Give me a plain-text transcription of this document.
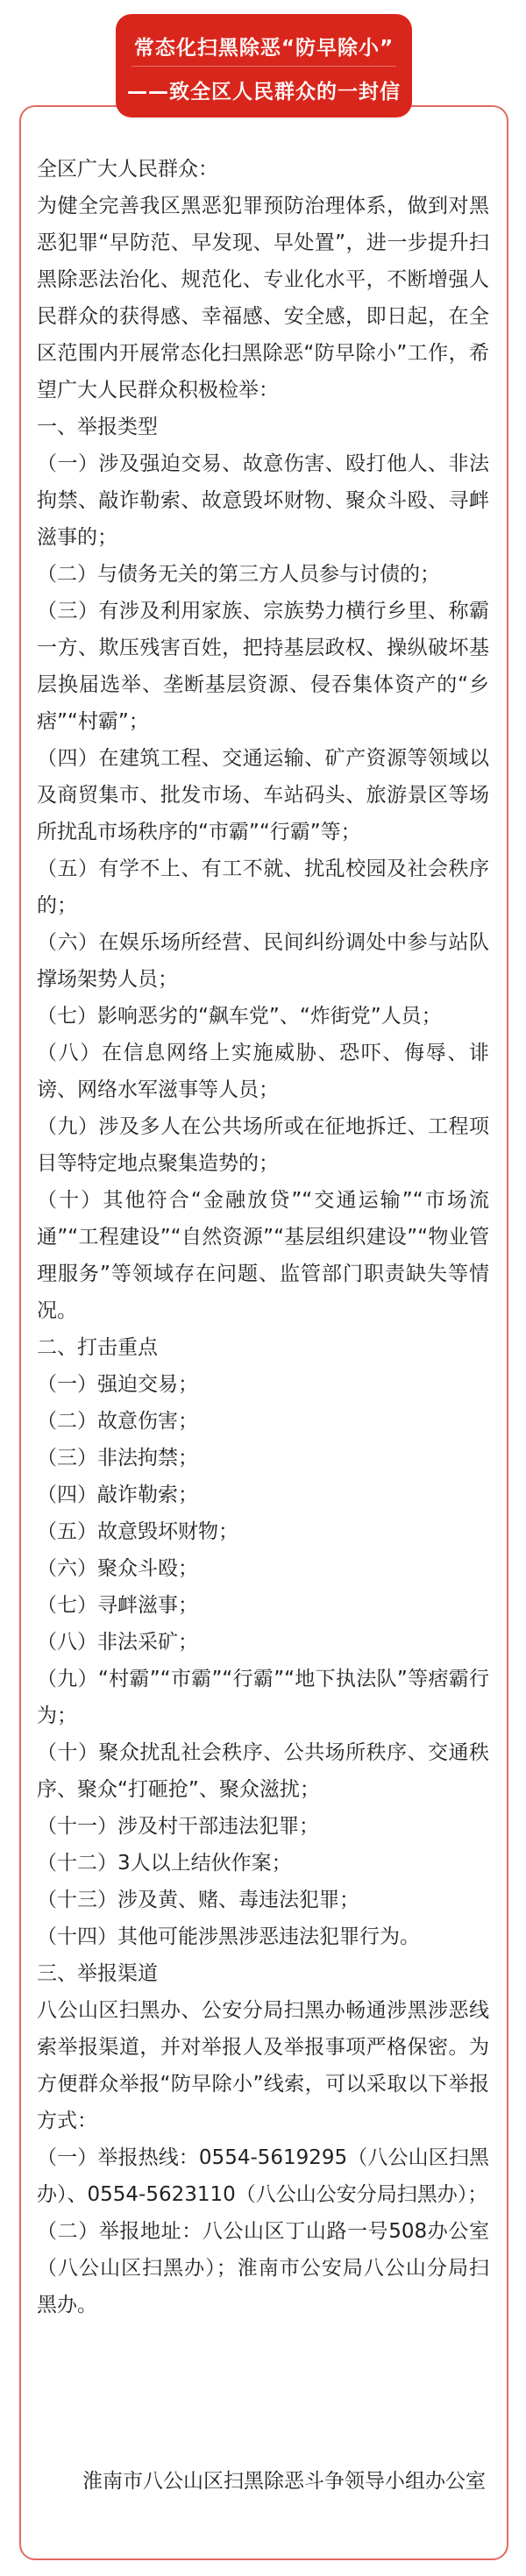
常态化扫黑除恶“防早除小”
——致全区人民群众的一封信

全区广大人民群众：

为健全完善我区黑恶犯罪预防治理体系，做到对黑恶犯罪“早防范、早发现、早处置”，进一步提升扫黑除恶法治化、规范化、专业化水平，不断增强人民群众的获得感、幸福感、安全感，即日起，在全区范围内开展常态化扫黑除恶“防早除小”工作，希望广大人民群众积极检举：

一、举报类型

（一）涉及强迫交易、故意伤害、殴打他人、非法拘禁、敲诈勒索、故意毁坏财物、聚众斗殴、寻衅滋事的；

（二）与债务无关的第三方人员参与讨债的；

（三）有涉及利用家族、宗族势力横行乡里、称霸一方、欺压残害百姓，把持基层政权、操纵破坏基层换届选举、垄断基层资源、侵吞集体资产的“乡痞”“村霸”；

（四）在建筑工程、交通运输、矿产资源等领域以及商贸集市、批发市场、车站码头、旅游景区等场所扰乱市场秩序的“市霸”“行霸”等；

（五）有学不上、有工不就、扰乱校园及社会秩序的；

（六）在娱乐场所经营、民间纠纷调处中参与站队撑场架势人员；

（七）影响恶劣的“飙车党”、“炸街党”人员；

（八）在信息网络上实施威胁、恐吓、侮辱、诽谤、网络水军滋事等人员；

（九）涉及多人在公共场所或在征地拆迁、工程项目等特定地点聚集造势的；

（十）其他符合“金融放贷”“交通运输”“市场流通”“工程建设”“自然资源”“基层组织建设”“物业管理服务”等领域存在问题、监管部门职责缺失等情况。

二、打击重点

（一）强迫交易；

（二）故意伤害；

（三）非法拘禁；

（四）敲诈勒索；

（五）故意毁坏财物；

（六）聚众斗殴；

（七）寻衅滋事；

（八）非法采矿；

（九）“村霸”“市霸”“行霸”“地下执法队”等痞霸行为；

（十）聚众扰乱社会秩序、公共场所秩序、交通秩序、聚众“打砸抢”、聚众滋扰；

（十一）涉及村干部违法犯罪；

（十二）3人以上结伙作案；

（十三）涉及黄、赌、毒违法犯罪；

（十四）其他可能涉黑涉恶违法犯罪行为。

三、举报渠道

八公山区扫黑办、公安分局扫黑办畅通涉黑涉恶线索举报渠道，并对举报人及举报事项严格保密。为方便群众举报“防早除小”线索，可以采取以下举报方式：

（一）举报热线：0554-5619295（八公山区扫黑办）、0554-5623110（八公山公安分局扫黑办）；

（二）举报地址：八公山区丁山路一号508办公室（八公山区扫黑办）；淮南市公安局八公山分局扫黑办。

淮南市八公山区扫黑除恶斗争领导小组办公室
